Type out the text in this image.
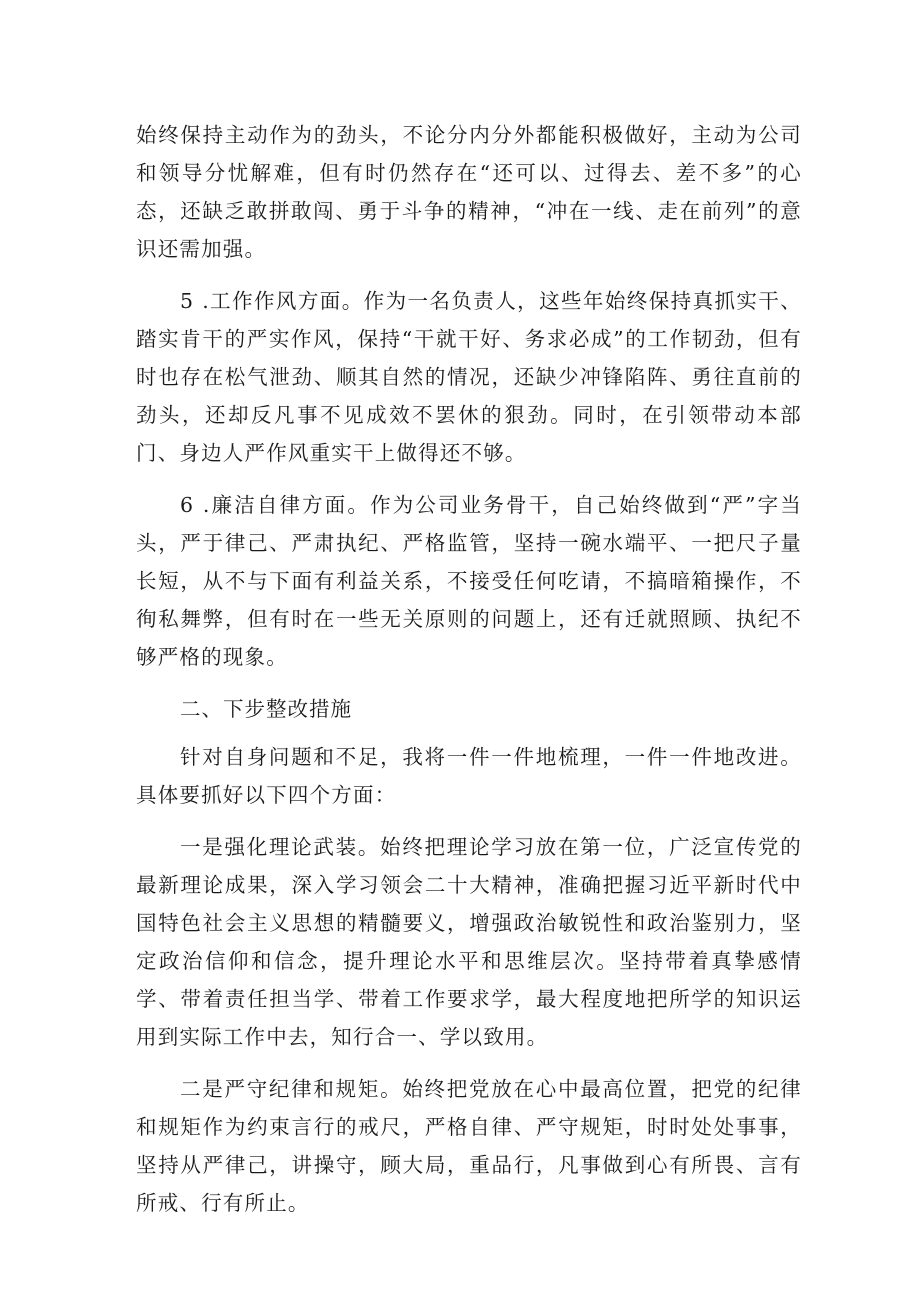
始终保持主动作为的劲头，不论分内分外都能积极做好，主动为公司和领导分忧解难，但有时仍然存在“还可以、过得去、差不多”的心态，还缺乏敢拼敢闯、勇于斗争的精神，“冲在一线、走在前列”的意识还需加强。

5 .工作作风方面。作为一名负责人，这些年始终保持真抓实干、踏实肯干的严实作风，保持“干就干好、务求必成”的工作韧劲，但有时也存在松气泄劲、顺其自然的情况，还缺少冲锋陷阵、勇往直前的劲头，还却反凡事不见成效不罢休的狠劲。同时，在引领带动本部门、身边人严作风重实干上做得还不够。

6 .廉洁自律方面。作为公司业务骨干，自己始终做到“严”字当头，严于律己、严肃执纪、严格监管，坚持一碗水端平、一把尺子量长短，从不与下面有利益关系，不接受任何吃请，不搞暗箱操作，不徇私舞弊，但有时在一些无关原则的问题上，还有迁就照顾、执纪不够严格的现象。

二、下步整改措施

针对自身问题和不足，我将一件一件地梳理，一件一件地改进。具体要抓好以下四个方面：

一是强化理论武装。始终把理论学习放在第一位，广泛宣传党的最新理论成果，深入学习领会二十大精神，准确把握习近平新时代中国特色社会主义思想的精髓要义，增强政治敏锐性和政治鉴别力，坚定政治信仰和信念，提升理论水平和思维层次。坚持带着真挚感情学、带着责任担当学、带着工作要求学，最大程度地把所学的知识运用到实际工作中去，知行合一、学以致用。

二是严守纪律和规矩。始终把党放在心中最高位置，把党的纪律和规矩作为约束言行的戒尺，严格自律、严守规矩，时时处处事事，坚持从严律己，讲操守，顾大局，重品行，凡事做到心有所畏、言有所戒、行有所止。
